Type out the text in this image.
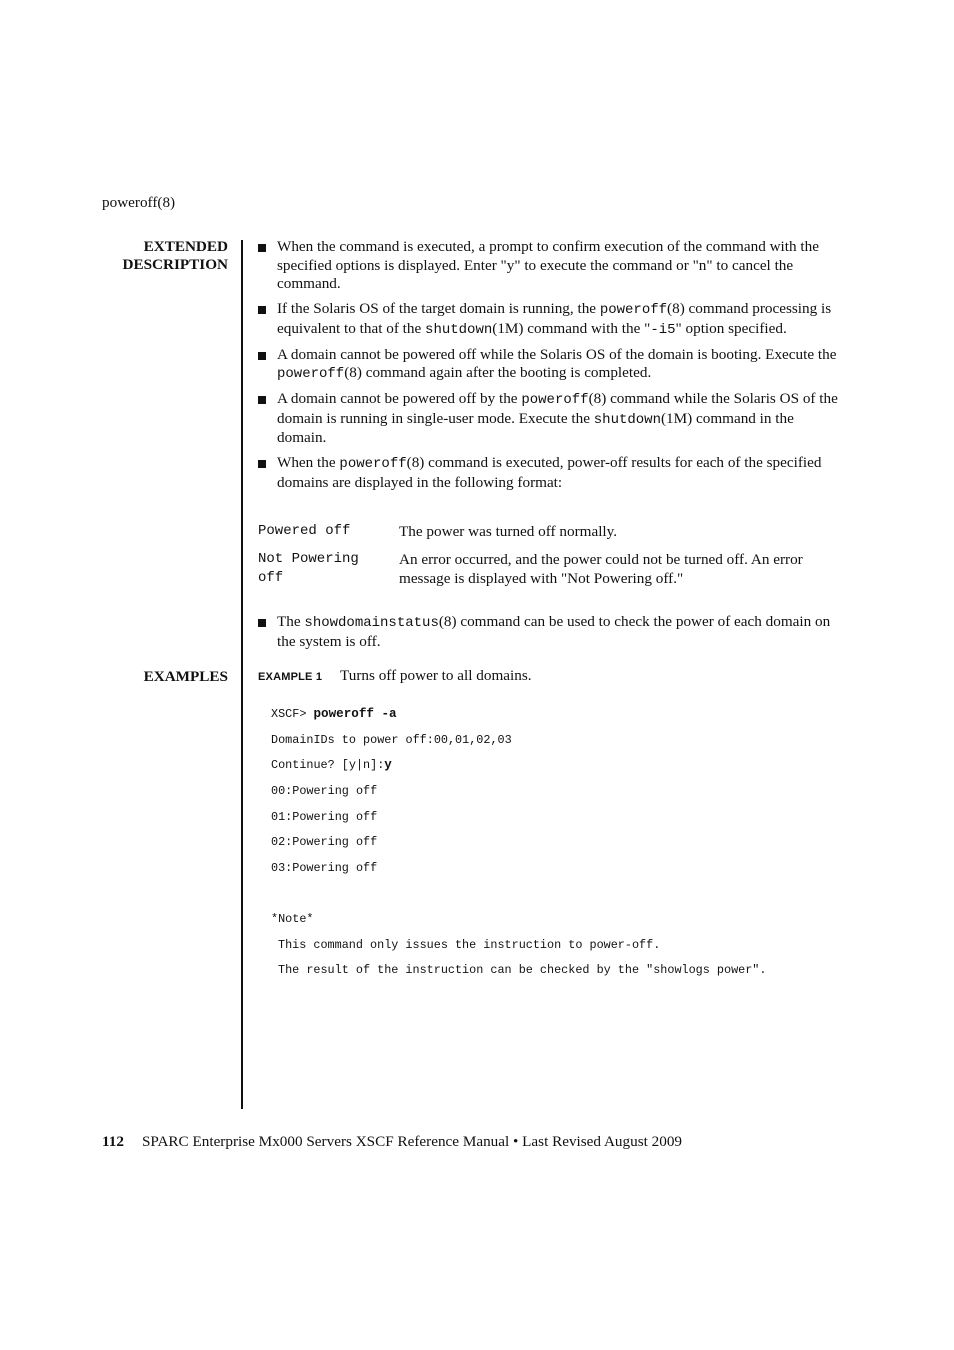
poweroff(8)
EXTENDED
DESCRIPTION
EXAMPLES
When the command is executed, a prompt to confirm execution of the command with the specified options is displayed. Enter "y" to execute the command or "n" to cancel the command.
If the Solaris OS of the target domain is running, the poweroff(8) command processing is equivalent to that of the shutdown(1M) command with the "-i5" option specified.
A domain cannot be powered off while the Solaris OS of the domain is booting. Execute the poweroff(8) command again after the booting is completed.
A domain cannot be powered off by the poweroff(8) command while the Solaris OS of the domain is running in single-user mode. Execute the shutdown(1M) command in the domain.
When the poweroff(8) command is executed, power-off results for each of the specified domains are displayed in the following format:
Powered off	The power was turned off normally.
Not Powering off
An error occurred, and the power could not be turned off. An error message is displayed with "Not Powering off."
The showdomainstatus(8) command can be used to check the power of each domain on the system is off.
EXAMPLE 1 Turns off power to all domains.
XSCF> poweroff -a
DomainIDs to power off:00,01,02,03
Continue? [y|n]:y
00:Powering off
01:Powering off
02:Powering off
03:Powering off
*Note*
This command only issues the instruction to power-off.
The result of the instruction can be checked by the "showlogs power".
112 SPARC Enterprise Mx000 Servers XSCF Reference Manual • Last Revised August 2009
